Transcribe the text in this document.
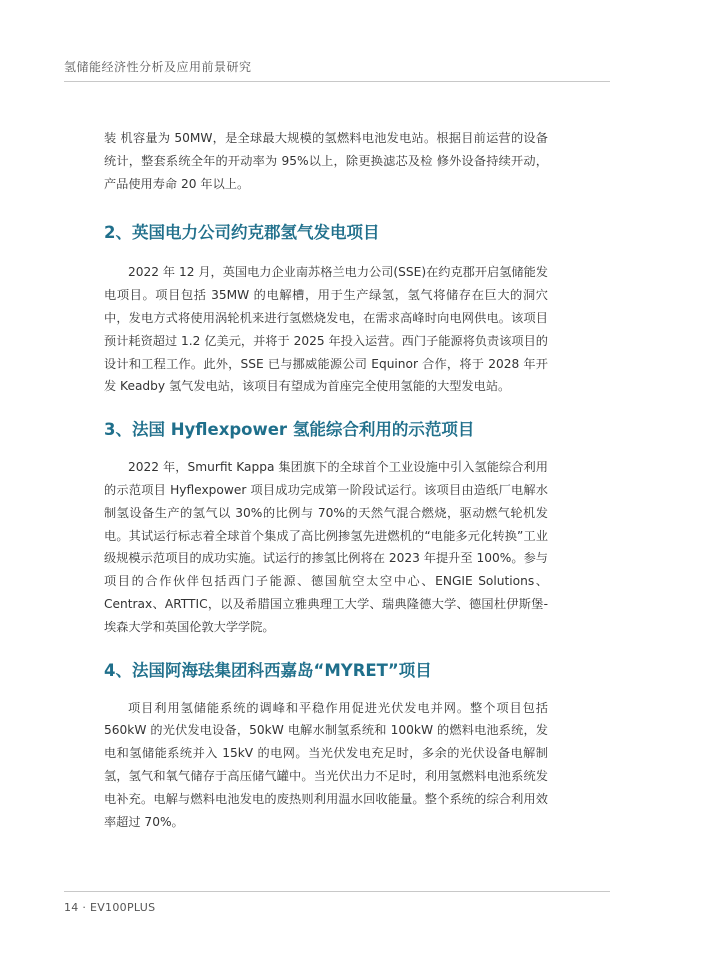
氢储能经济性分析及应用前景研究

装 机容量为 50MW，是全球最大规模的氢燃料电池发电站。根据目前运营的设备统计，整套系统全年的开动率为 95%以上，除更换滤芯及检 修外设备持续开动，产品使用寿命 20 年以上。

2、英国电力公司约克郡氢气发电项目

2022 年 12 月，英国电力企业南苏格兰电力公司(SSE)在约克郡开启氢储能发电项目。项目包括 35MW 的电解槽，用于生产绿氢，氢气将储存在巨大的洞穴中，发电方式将使用涡轮机来进行氢燃烧发电，在需求高峰时向电网供电。该项目预计耗资超过 1.2 亿美元，并将于 2025 年投入运营。西门子能源将负责该项目的设计和工程工作。此外，SSE 已与挪威能源公司 Equinor 合作，将于 2028 年开发 Keadby 氢气发电站，该项目有望成为首座完全使用氢能的大型发电站。

3、法国 Hyflexpower 氢能综合利用的示范项目

2022 年，Smurfit Kappa 集团旗下的全球首个工业设施中引入氢能综合利用的示范项目 Hyflexpower 项目成功完成第一阶段试运行。该项目由造纸厂电解水制氢设备生产的氢气以 30%的比例与 70%的天然气混合燃烧，驱动燃气轮机发电。其试运行标志着全球首个集成了高比例掺氢先进燃机的“电能多元化转换”工业级规模示范项目的成功实施。试运行的掺氢比例将在 2023 年提升至 100%。参与项目的合作伙伴包括西门子能源、德国航空太空中心、ENGIE Solutions、Centrax、ARTTIC，以及希腊国立雅典理工大学、瑞典隆德大学、德国杜伊斯堡-埃森大学和英国伦敦大学学院。

4、法国阿海珐集团科西嘉岛“MYRET”项目

项目利用氢储能系统的调峰和平稳作用促进光伏发电并网。整个项目包括 560kW 的光伏发电设备，50kW 电解水制氢系统和 100kW 的燃料电池系统，发电和氢储能系统并入 15kV 的电网。当光伏发电充足时，多余的光伏设备电解制氢，氢气和氧气储存于高压储气罐中。当光伏出力不足时，利用氢燃料电池系统发电补充。电解与燃料电池发电的废热则利用温水回收能量。整个系统的综合利用效率超过 70%。

14 · EV100PLUS
